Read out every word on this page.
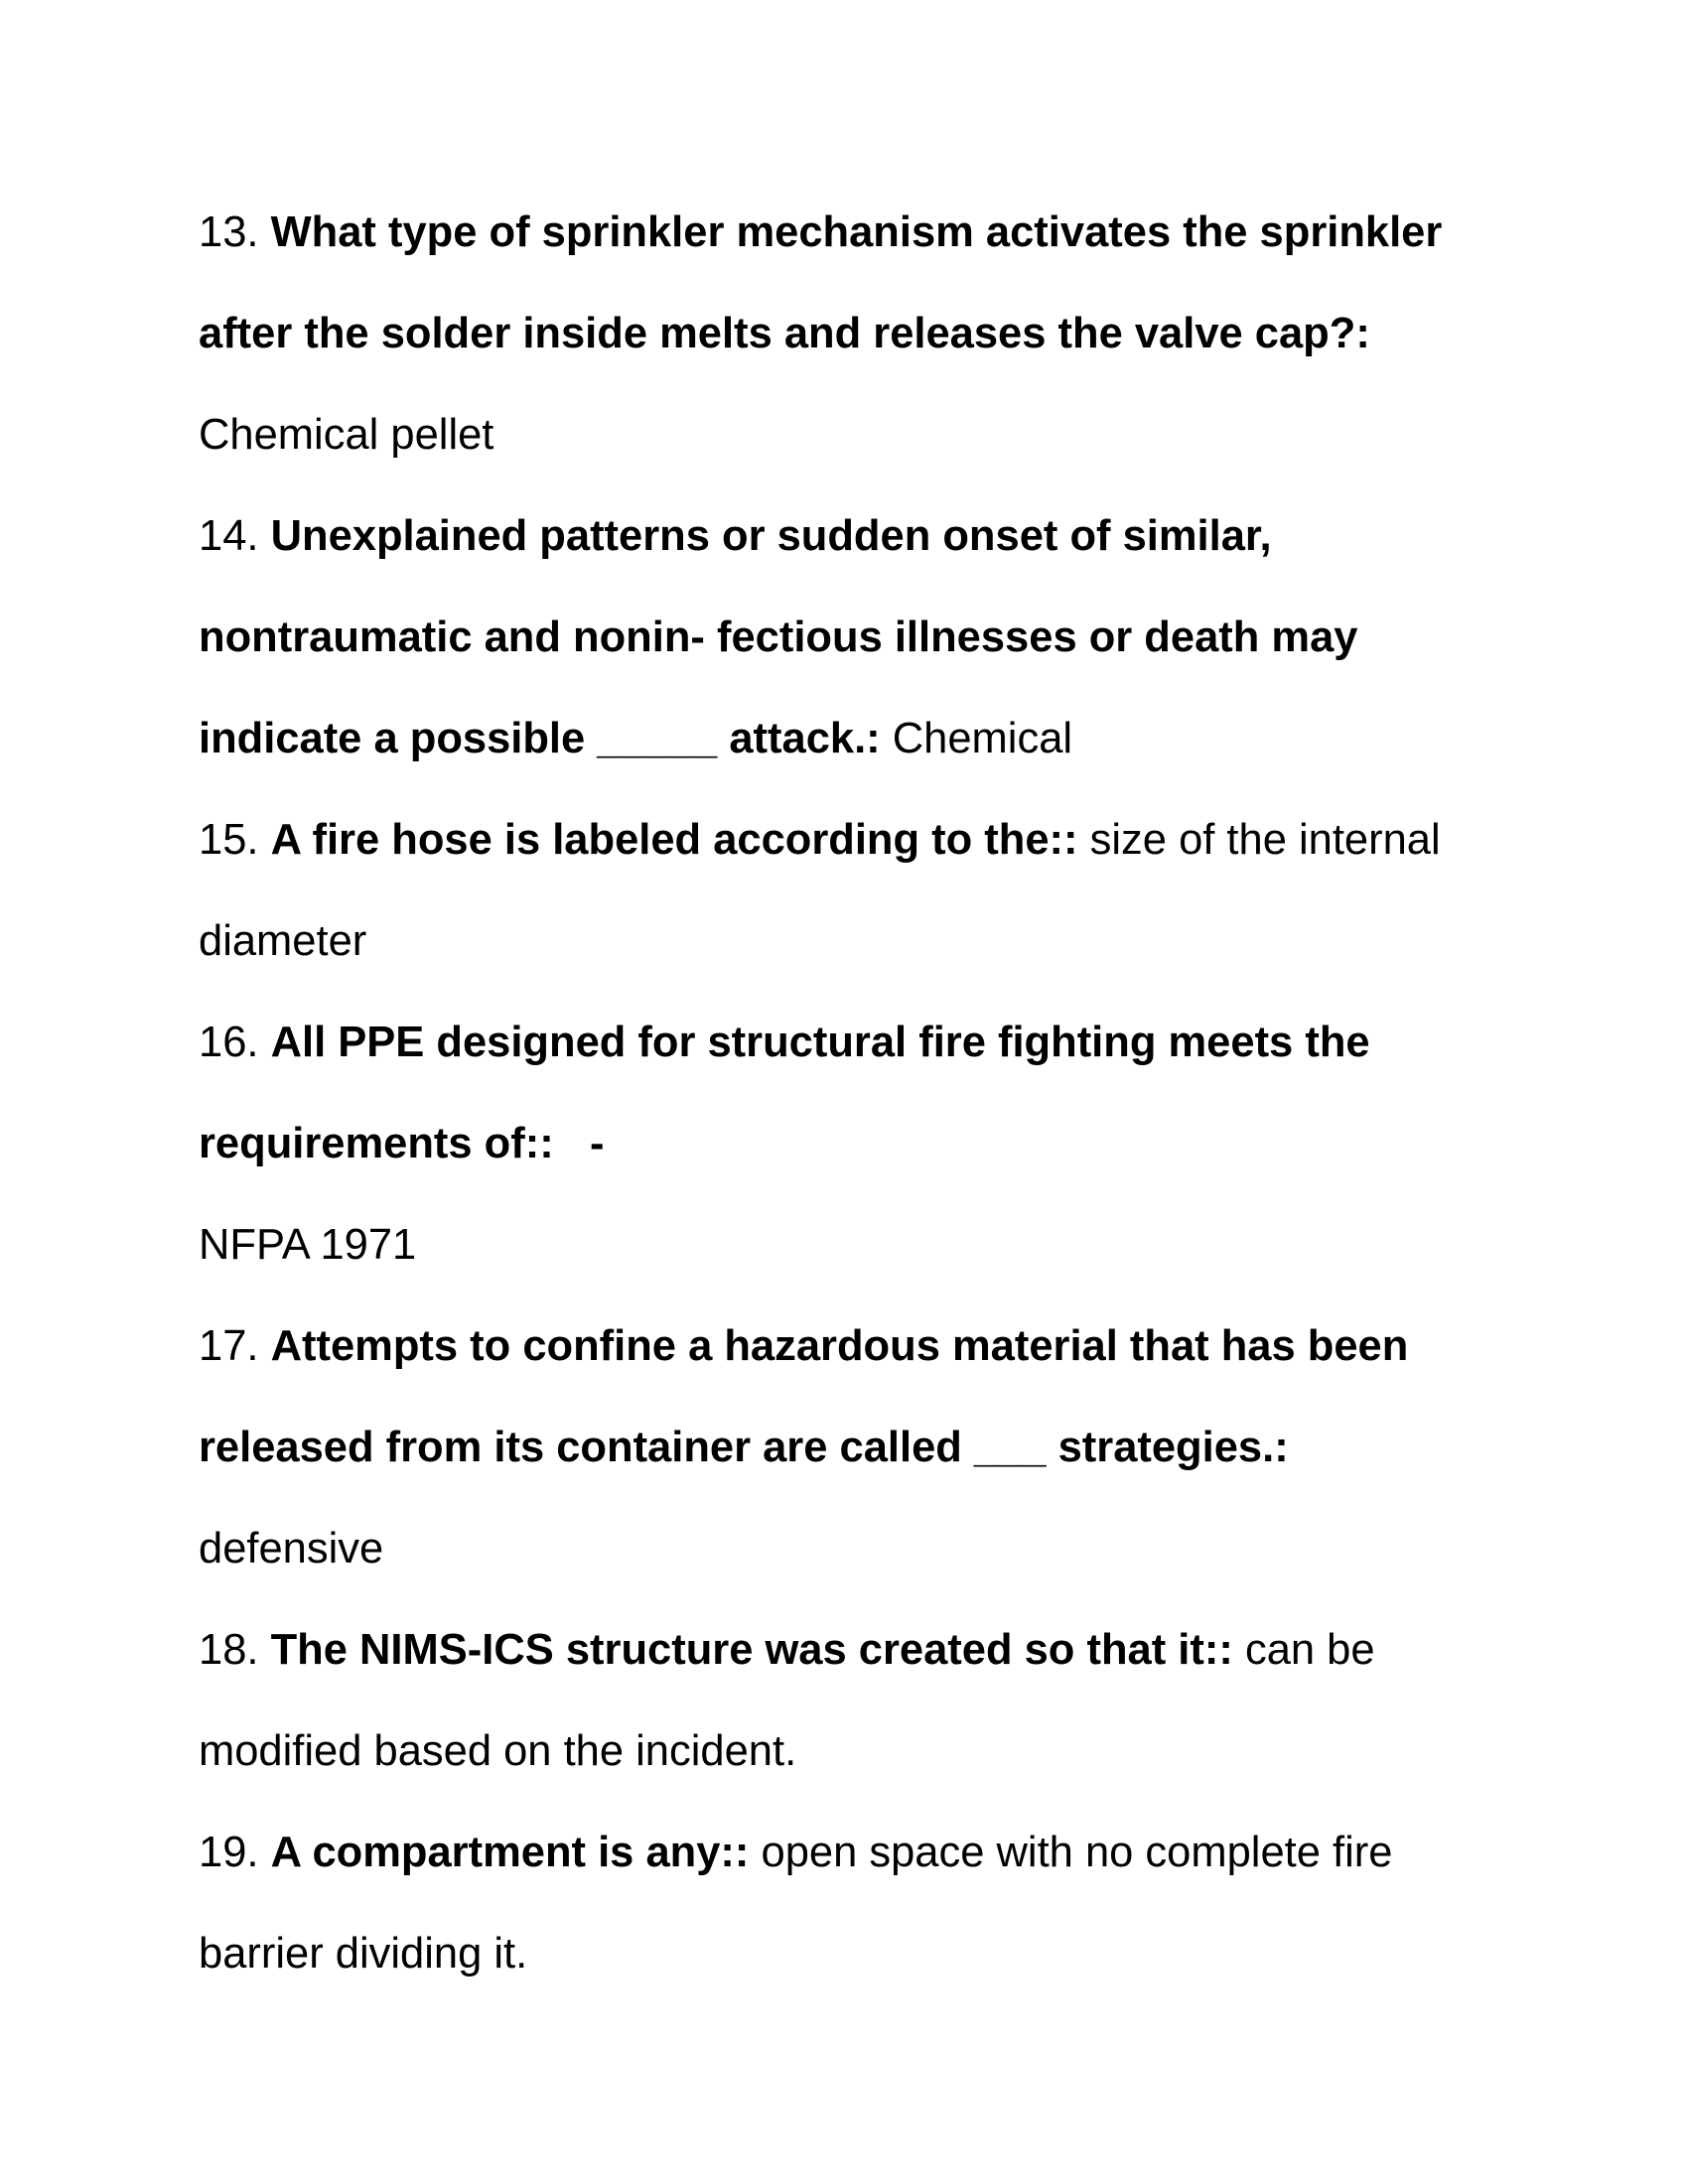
13. What type of sprinkler mechanism activates the sprinkler after the solder inside melts and releases the valve cap?:
Chemical pellet

14. Unexplained patterns or sudden onset of similar, nontraumatic and nonin- fectious illnesses or death may indicate a possible _____ attack.: Chemical

15. A fire hose is labeled according to the:: size of the internal diameter

16. All PPE designed for structural fire fighting meets the requirements of::   -
NFPA 1971

17. Attempts to confine a hazardous material that has been released from its container are called ___ strategies.:
defensive

18. The NIMS-ICS structure was created so that it:: can be modified based on the incident.

19. A compartment is any:: open space with no complete fire barrier dividing it.
